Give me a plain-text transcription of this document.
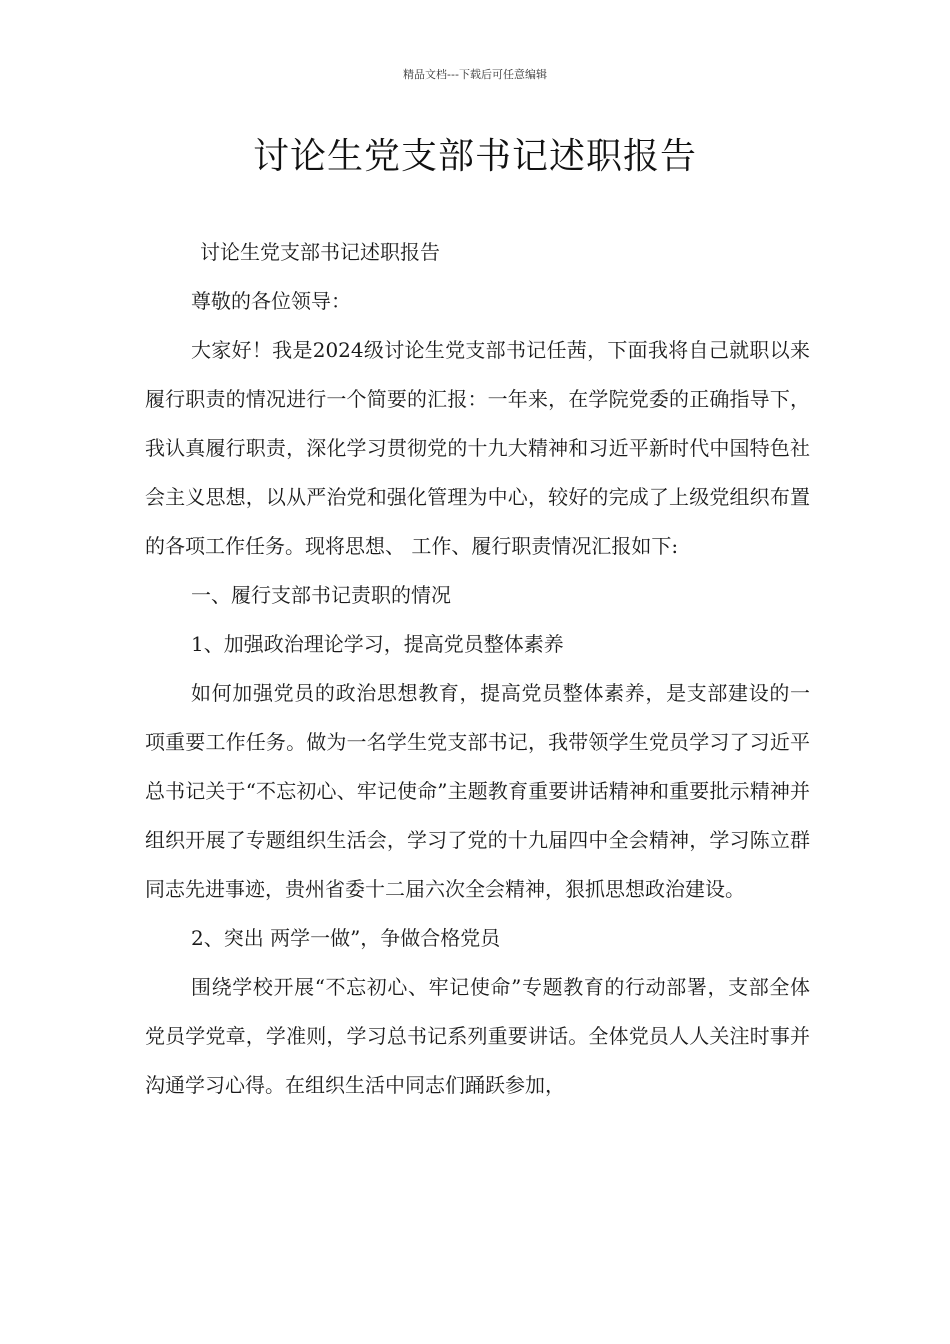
精品文档---下载后可任意编辑
讨论生党支部书记述职报告

讨论生党支部书记述职报告

尊敬的各位领导：

大家好！我是2024级讨论生党支部书记任茜，下面我将自己就职以来履行职责的情况进行一个简要的汇报：一年来，在学院党委的正确指导下，我认真履行职责，深化学习贯彻党的十九大精神和习近平新时代中国特色社会主义思想，以从严治党和强化管理为中心，较好的完成了上级党组织布置的各项工作任务。现将思想、 工作、履行职责情况汇报如下:

一、履行支部书记责职的情况

1、加强政治理论学习，提高党员整体素养

如何加强党员的政治思想教育，提高党员整体素养，是支部建设的一项重要工作任务。做为一名学生党支部书记，我带领学生党员学习了习近平总书记关于“不忘初心、牢记使命”主题教育重要讲话精神和重要批示精神并组织开展了专题组织生活会，学习了党的十九届四中全会精神，学习陈立群同志先进事迹，贵州省委十二届六次全会精神，狠抓思想政治建设。

2、突出 两学一做”，争做合格党员

围绕学校开展“不忘初心、牢记使命”专题教育的行动部署，支部全体党员学党章，学准则，学习总书记系列重要讲话。全体党员人人关注时事并沟通学习心得。在组织生活中同志们踊跃参加，
